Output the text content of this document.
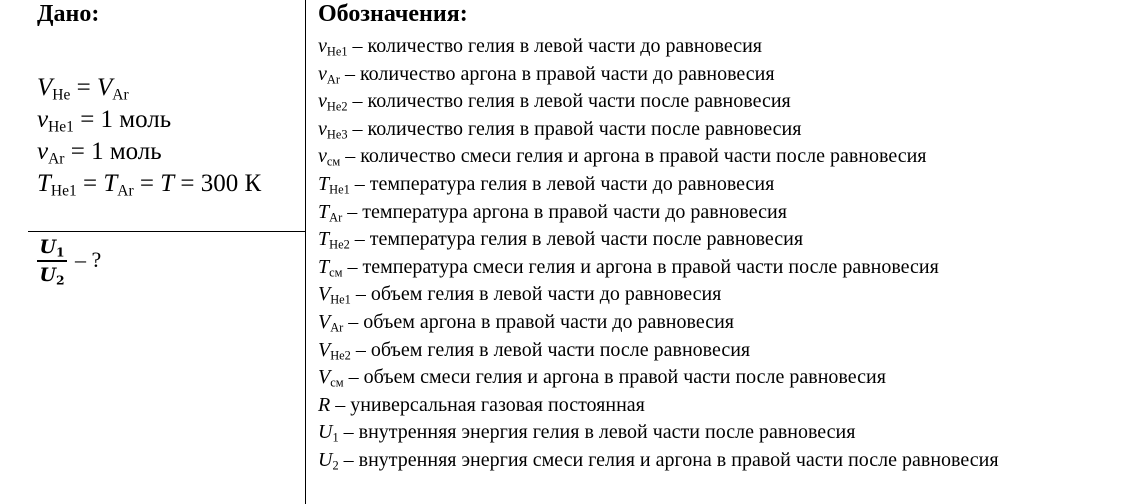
Дано:
$V_{He} = V_{Ar}$
$\nu_{He1} = 1$ моль
$\nu_{Ar} = 1$ моль
$T_{He1} = T_{Ar} = T = 300$ К
$\frac{U_1}{U_2}$ – ?
Обозначения:
$\nu_{He1}$ – количество гелия в левой части до равновесия
$\nu_{Ar}$ – количество аргона в правой части до равновесия
$\nu_{He2}$ – количество гелия в левой части после равновесия
$\nu_{He3}$ – количество гелия в правой части после равновесия
$\nu_{см}$ – количество смеси гелия и аргона в правой части после равновесия
$T_{He1}$ – температура гелия в левой части до равновесия
$T_{Ar}$ – температура аргона в правой части до равновесия
$T_{He2}$ – температура гелия в левой части после равновесия
$T_{см}$ – температура смеси гелия и аргона в правой части после равновесия
$V_{He1}$ – объем гелия в левой части до равновесия
$V_{Ar}$ – объем аргона в правой части до равновесия
$V_{He2}$ – объем гелия в левой части после равновесия
$V_{см}$ – объем смеси гелия и аргона в правой части после равновесия
R – универсальная газовая постоянная
$U_1$ – внутренняя энергия гелия в левой части после равновесия
$U_2$ – внутренняя энергия смеси гелия и аргона в правой части после равновесия
